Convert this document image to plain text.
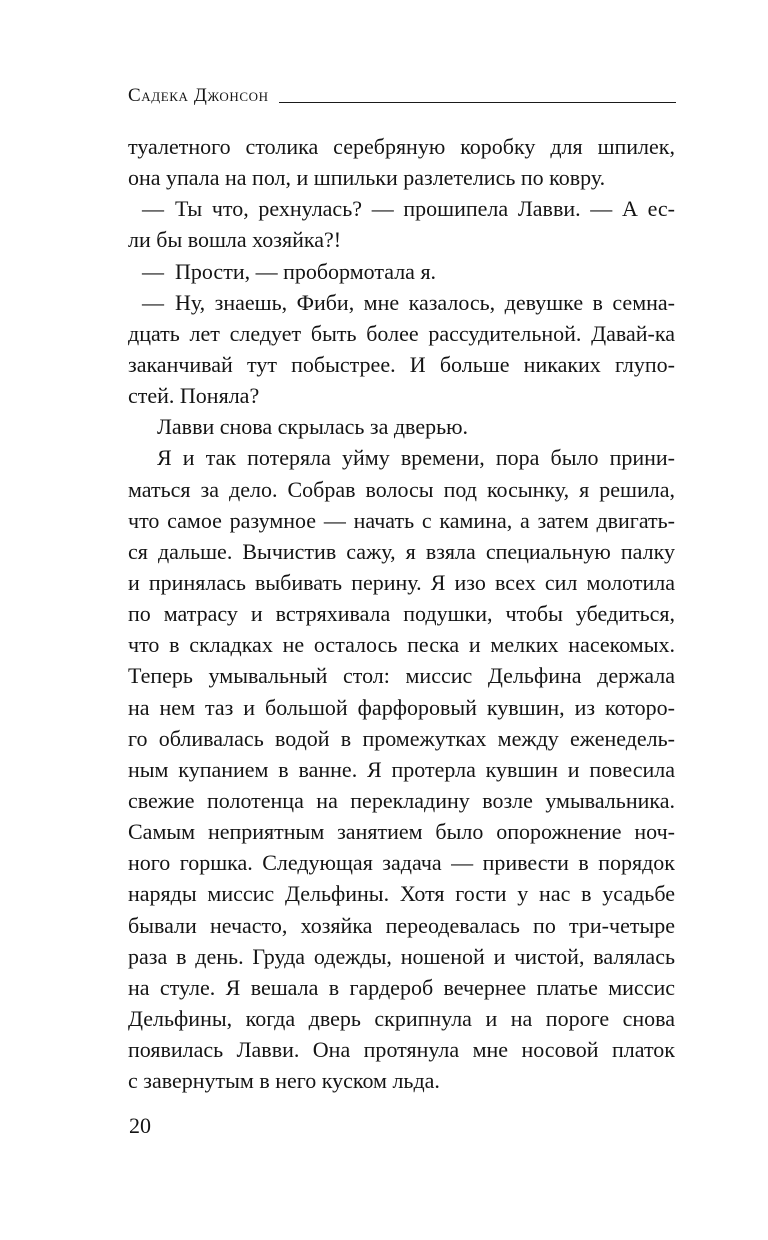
Садека Джонсон
туалетного столика серебряную коробку для шпилек,
она упала на пол, и шпильки разлетелись по ковру.
— Ты что, рехнулась? — прошипела Лавви. — А ес-
ли бы вошла хозяйка?!
— Прости, — пробормотала я.
— Ну, знаешь, Фиби, мне казалось, девушке в семна-
дцать лет следует быть более рассудительной. Давай-ка
заканчивай тут побыстрее. И больше никаких глупо-
стей. Поняла?
Лавви снова скрылась за дверью.
Я и так потеряла уйму времени, пора было прини-
маться за дело. Собрав волосы под косынку, я решила,
что самое разумное — начать с камина, а затем двигать-
ся дальше. Вычистив сажу, я взяла специальную палку
и принялась выбивать перину. Я изо всех сил молотила
по матрасу и встряхивала подушки, чтобы убедиться,
что в складках не осталось песка и мелких насекомых.
Теперь умывальный стол: миссис Дельфина держала
на нем таз и большой фарфоровый кувшин, из которо-
го обливалась водой в промежутках между еженедель-
ным купанием в ванне. Я протерла кувшин и повесила
свежие полотенца на перекладину возле умывальника.
Самым неприятным занятием было опорожнение ноч-
ного горшка. Следующая задача — привести в порядок
наряды миссис Дельфины. Хотя гости у нас в усадьбе
бывали нечасто, хозяйка переодевалась по три-четыре
раза в день. Груда одежды, ношеной и чистой, валялась
на стуле. Я вешала в гардероб вечернее платье миссис
Дельфины, когда дверь скрипнула и на пороге снова
появилась Лавви. Она протянула мне носовой платок
с завернутым в него куском льда.
20
